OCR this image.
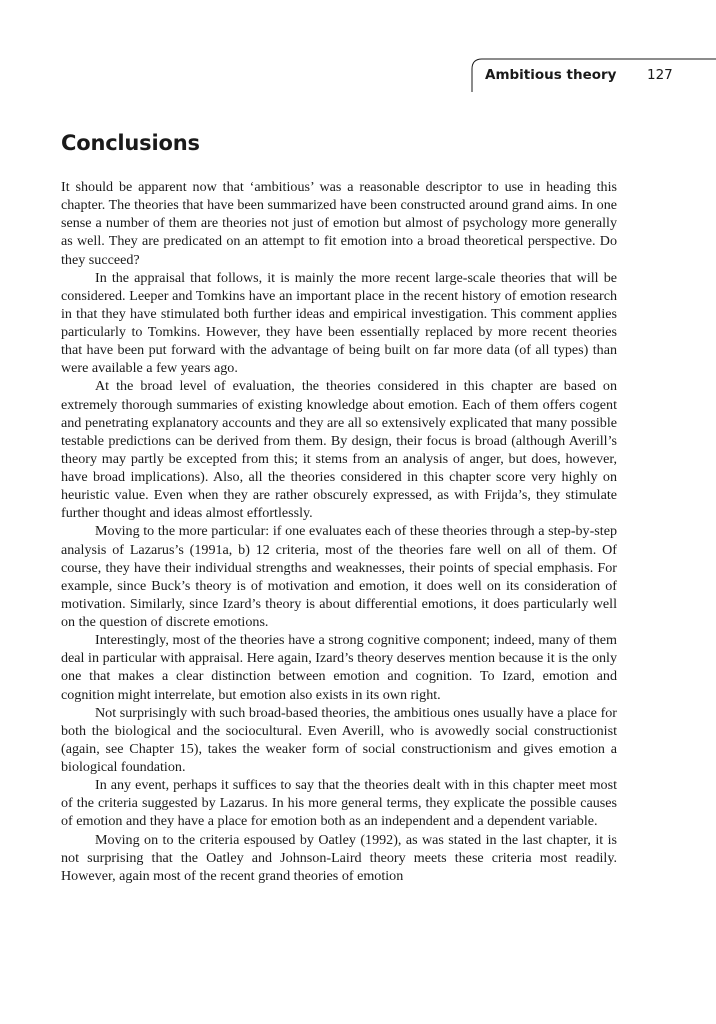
Ambitious theory 127
Conclusions

It should be apparent now that ‘ambitious’ was a reasonable descriptor to use in heading this chapter. The theories that have been summarized have been constructed around grand aims. In one sense a number of them are theories not just of emotion but almost of psychology more generally as well. They are predicated on an attempt to fit emotion into a broad theoretical perspective. Do they succeed?

In the appraisal that follows, it is mainly the more recent large-scale theories that will be considered. Leeper and Tomkins have an important place in the recent history of emotion research in that they have stimulated both further ideas and empirical investigation. This comment applies particularly to Tomkins. However, they have been essentially replaced by more recent theories that have been put forward with the advantage of being built on far more data (of all types) than were available a few years ago.

At the broad level of evaluation, the theories considered in this chapter are based on extremely thorough summaries of existing knowledge about emotion. Each of them offers cogent and penetrating explanatory accounts and they are all so extensively explicated that many possible testable predictions can be derived from them. By design, their focus is broad (although Averill’s theory may partly be excepted from this; it stems from an analysis of anger, but does, however, have broad implications). Also, all the theories considered in this chapter score very highly on heuristic value. Even when they are rather obscurely expressed, as with Frijda’s, they stimulate further thought and ideas almost effortlessly.

Moving to the more particular: if one evaluates each of these theories through a step-by-step analysis of Lazarus’s (1991a, b) 12 criteria, most of the theories fare well on all of them. Of course, they have their individual strengths and weaknesses, their points of special emphasis. For example, since Buck’s theory is of motivation and emotion, it does well on its consideration of motivation. Similarly, since Izard’s theory is about differential emotions, it does particularly well on the question of discrete emotions.

Interestingly, most of the theories have a strong cognitive component; indeed, many of them deal in particular with appraisal. Here again, Izard’s theory deserves mention because it is the only one that makes a clear distinction between emotion and cognition. To Izard, emotion and cognition might interrelate, but emotion also exists in its own right.

Not surprisingly with such broad-based theories, the ambitious ones usually have a place for both the biological and the sociocultural. Even Averill, who is avowedly social constructionist (again, see Chapter 15), takes the weaker form of social constructionism and gives emotion a biological foundation.

In any event, perhaps it suffices to say that the theories dealt with in this chapter meet most of the criteria suggested by Lazarus. In his more general terms, they explicate the possible causes of emotion and they have a place for emotion both as an independent and a dependent variable.

Moving on to the criteria espoused by Oatley (1992), as was stated in the last chapter, it is not surprising that the Oatley and Johnson-Laird theory meets these criteria most readily. However, again most of the recent grand theories of emotion
